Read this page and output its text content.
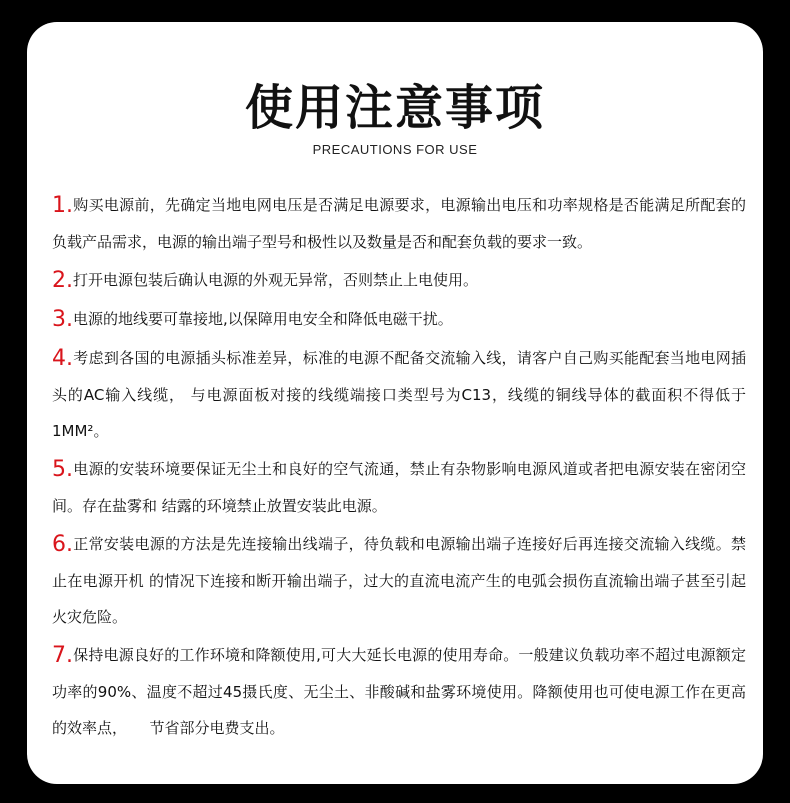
使用注意事项
PRECAUTIONS FOR USE
1.购买电源前，先确定当地电网电压是否满足电源要求，电源输出电压和功率规格是否能满足所配套的负载产品需求，电源的输出端子型号和极性以及数量是否和配套负载的要求一致。
2.打开电源包装后确认电源的外观无异常，否则禁止上电使用。
3.电源的地线要可靠接地,以保障用电安全和降低电磁干扰。
4.考虑到各国的电源插头标准差异，标准的电源不配备交流输入线，请客户自己购买能配套当地电网插头的AC输入线缆， 与电源面板对接的线缆端接口类型号为C13，线缆的铜线导体的截面积不得低于1MM²。
5.电源的安装环境要保证无尘土和良好的空气流通，禁止有杂物影响电源风道或者把电源安装在密闭空间。存在盐雾和 结露的环境禁止放置安装此电源。
6.正常安装电源的方法是先连接输出线端子，待负载和电源输出端子连接好后再连接交流输入线缆。禁止在电源开机 的情况下连接和断开输出端子，过大的直流电流产生的电弧会损伤直流输出端子甚至引起火灾危险。
7.保持电源良好的工作环境和降额使用,可大大延长电源的使用寿命。一般建议负载功率不超过电源额定功率的90%、温度不超过45摄氏度、无尘土、非酸碱和盐雾环境使用。降额使用也可使电源工作在更高的效率点，　　节省部分电费支出。
